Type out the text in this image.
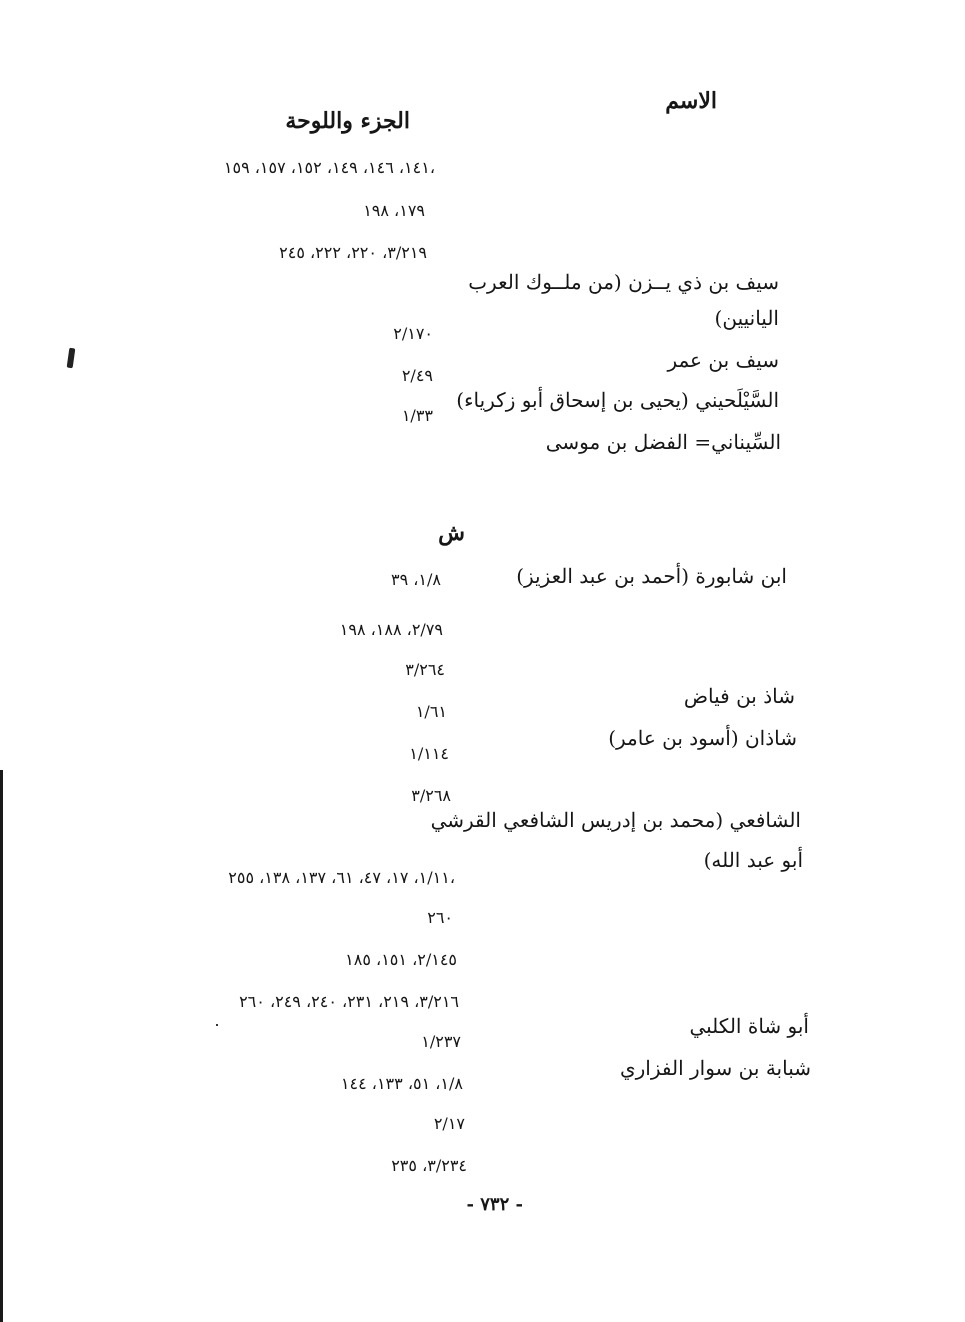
الاسم
الجزء واللوحة
١٤١، ١٤٦، ١٤٩، ١٥٢، ١٥٧، ١٥٩،
١٧٩، ١٩٨
٣/٢١٩، ٢٢٠، ٢٢٢، ٢٤٥
سيف بن ذي يــزن (من ملــوك العرب
اليانيين)
٢/١٧٠
سيف بن عمر
٢/٤٩
السَّيْلَحيني (يحيى بن إسحاق أبو زكرياء)
١/٣٣
السِّيناني= الفضل بن موسى
ش
ابن شابورة (أحمد بن عبد العزيز)
١/٨، ٣٩
٢/٧٩، ١٨٨، ١٩٨
٣/٢٦٤
شاذ بن فياض
١/٦١
شاذان (أسود بن عامر)
١/١١٤
٣/٢٦٨
الشافعي (محمد بن إدريس الشافعي القرشي
أبو عبد الله)
١/١١، ١٧، ٤٧، ٦١، ١٣٧، ١٣٨، ٢٥٥،
٢٦٠
٢/١٤٥، ١٥١، ١٨٥
٣/٢١٦، ٢١٩، ٢٣١، ٢٤٠، ٢٤٩، ٢٦٠
أبو شاة الكلبي
١/٢٣٧
شبابة بن سوار الفزاري
١/٨، ٥١، ١٣٣، ١٤٤
٢/١٧
٣/٢٣٤، ٢٣٥
- ٧٣٢ -
